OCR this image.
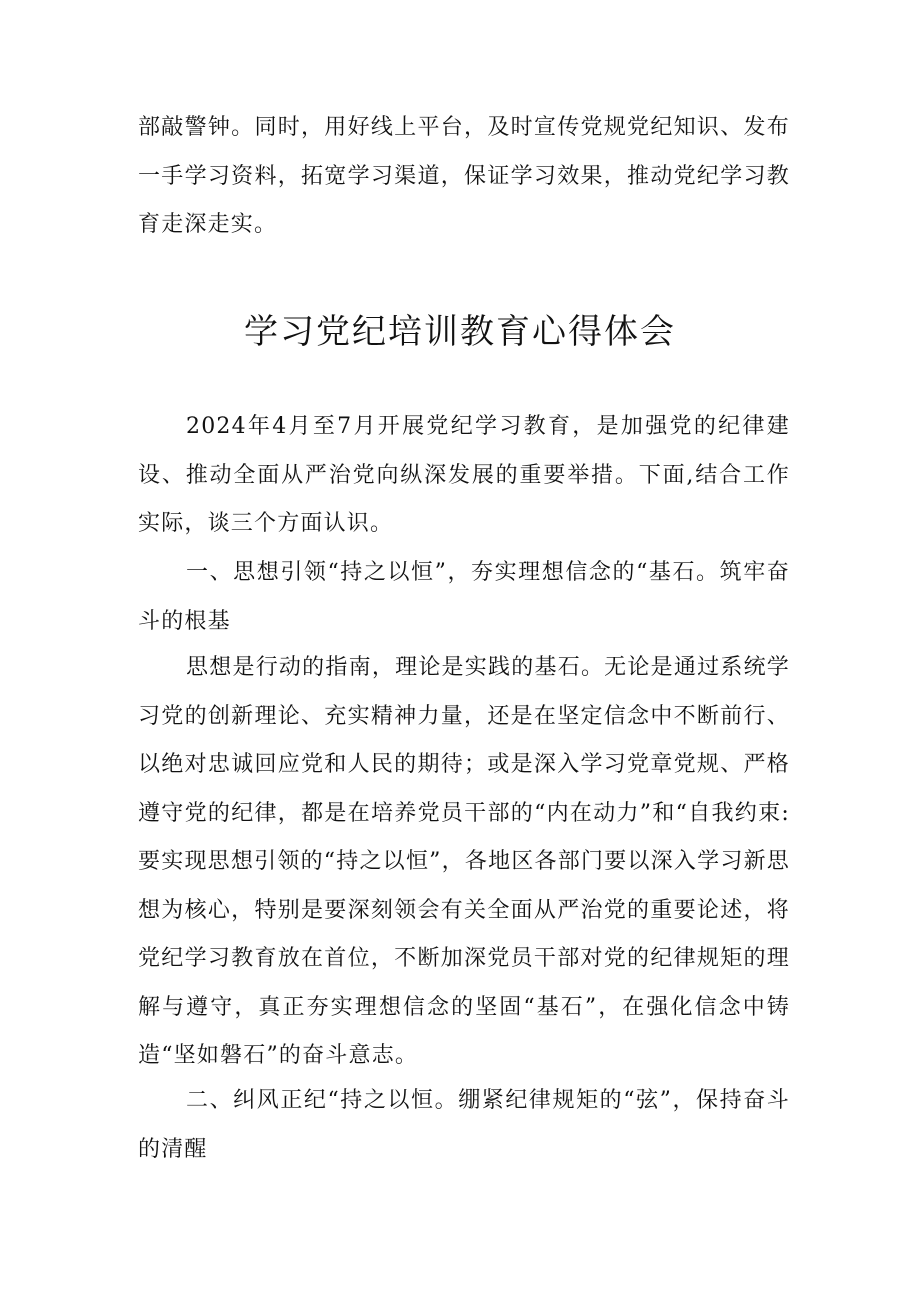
部敲警钟。同时，用好线上平台，及时宣传党规党纪知识、发布一手学习资料，拓宽学习渠道，保证学习效果，推动党纪学习教育走深走实。

学习党纪培训教育心得体会

2024年4月至7月开展党纪学习教育，是加强党的纪律建设、推动全面从严治党向纵深发展的重要举措。下面,结合工作实际，谈三个方面认识。

一、思想引领“持之以恒”，夯实理想信念的“基石。筑牢奋斗的根基

思想是行动的指南，理论是实践的基石。无论是通过系统学习党的创新理论、充实精神力量，还是在坚定信念中不断前行、以绝对忠诚回应党和人民的期待；或是深入学习党章党规、严格遵守党的纪律，都是在培养党员干部的“内在动力”和“自我约束:要实现思想引领的“持之以恒”，各地区各部门要以深入学习新思想为核心，特别是要深刻领会有关全面从严治党的重要论述，将党纪学习教育放在首位，不断加深党员干部对党的纪律规矩的理解与遵守，真正夯实理想信念的坚固“基石”，在强化信念中铸造“坚如磐石”的奋斗意志。

二、纠风正纪“持之以恒。绷紧纪律规矩的“弦”，保持奋斗的清醒
